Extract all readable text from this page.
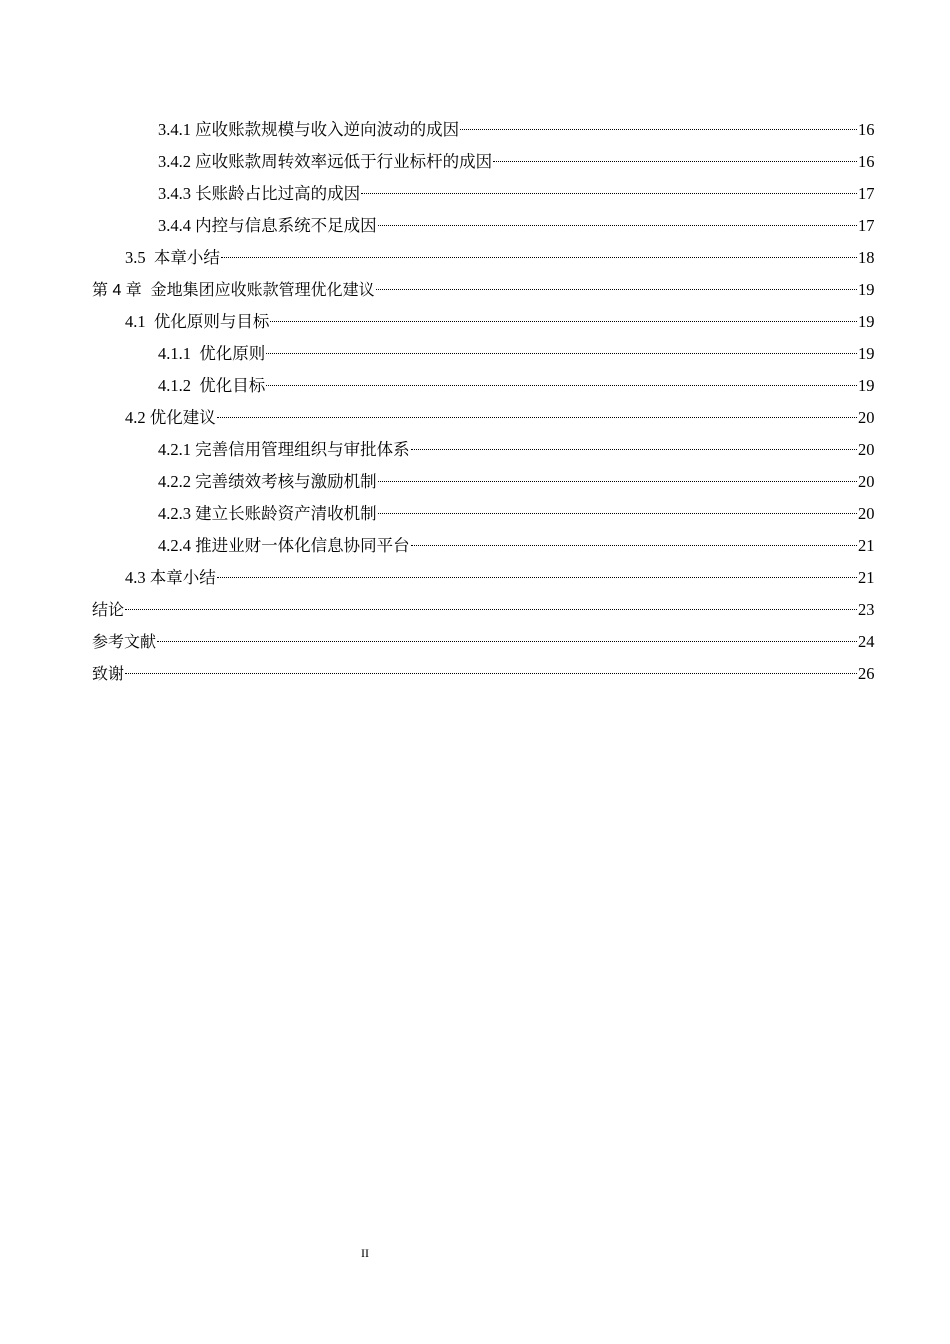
3.4.1 应收账款规模与收入逆向波动的成因	16
3.4.2 应收账款周转效率远低于行业标杆的成因	16
3.4.3 长账龄占比过高的成因	17
3.4.4 内控与信息系统不足成因	17
3.5  本章小结	18
第 4 章  金地集团应收账款管理优化建议	19
4.1  优化原则与目标	19
4.1.1  优化原则	19
4.1.2  优化目标	19
4.2 优化建议	20
4.2.1 完善信用管理组织与审批体系	20
4.2.2 完善绩效考核与激励机制	20
4.2.3 建立长账龄资产清收机制	20
4.2.4 推进业财一体化信息协同平台	21
4.3 本章小结	21
结论	23
参考文献	24
致谢	26
II
